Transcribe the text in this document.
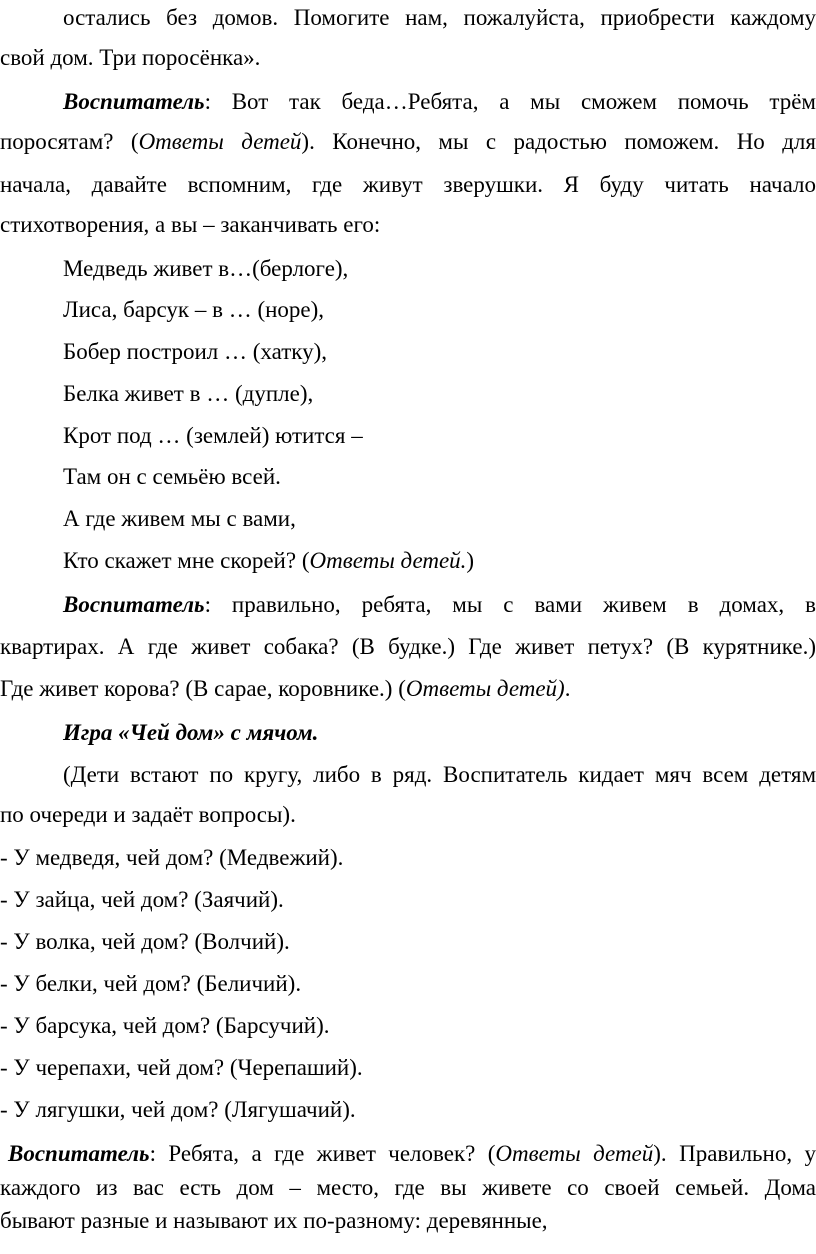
остались без домов. Помогите нам, пожалуйста, приобрести каждому
свой дом. Три поросёнка».
Воспитатель: Вот так беда…Ребята, а мы сможем помочь трём
поросятам? (Ответы детей). Конечно, мы с радостью поможем. Но для
начала, давайте вспомним, где живут зверушки. Я буду читать начало
стихотворения, а вы – заканчивать его:
Медведь живет в…(берлоге),
Лиса, барсук – в … (норе),
Бобер построил … (хатку),
Белка живет в … (дупле),
Крот под … (землей) ютится –
Там он с семьёю всей.
А где живем мы с вами,
Кто скажет мне скорей? (Ответы детей.)
Воспитатель: правильно, ребята, мы с вами живем в домах, в
квартирах. А где живет собака? (В будке.) Где живет петух? (В курятнике.)
Где живет корова? (В сарае, коровнике.) (Ответы детей).
Игра «Чей дом» с мячом.
(Дети встают по кругу, либо в ряд. Воспитатель кидает мяч всем детям
по очереди и задаёт вопросы).
- У медведя, чей дом? (Медвежий).
- У зайца, чей дом? (Заячий).
- У волка, чей дом? (Волчий).
- У белки, чей дом? (Беличий).
- У барсука, чей дом? (Барсучий).
- У черепахи, чей дом? (Черепаший).
- У лягушки, чей дом? (Лягушачий).
Воспитатель: Ребята, а где живет человек? (Ответы детей). Правильно, у
каждого из вас есть дом – место, где вы живете со своей семьей. Дома
бывают разные и называют их по-разному: деревянные,
